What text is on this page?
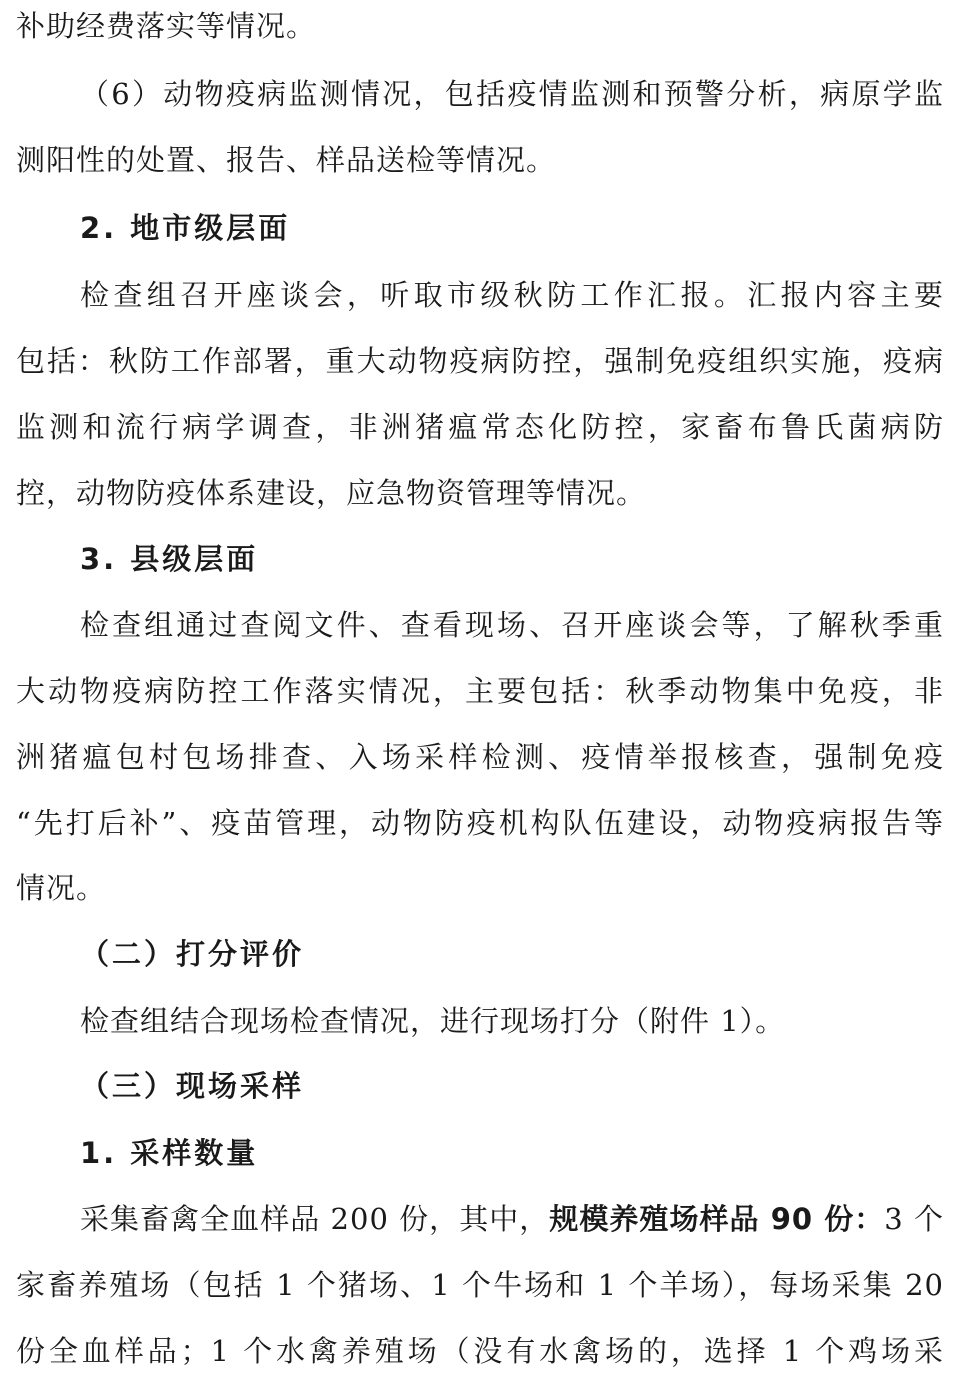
补助经费落实等情况。
（6）动物疫病监测情况，包括疫情监测和预警分析，病原学监
测阳性的处置、报告、样品送检等情况。
2. 地市级层面
检查组召开座谈会，听取市级秋防工作汇报。汇报内容主要
包括：秋防工作部署，重大动物疫病防控，强制免疫组织实施，疫病
监测和流行病学调查，非洲猪瘟常态化防控，家畜布鲁氏菌病防
控，动物防疫体系建设，应急物资管理等情况。
3. 县级层面
检查组通过查阅文件、查看现场、召开座谈会等，了解秋季重
大动物疫病防控工作落实情况，主要包括：秋季动物集中免疫，非
洲猪瘟包村包场排查、入场采样检测、疫情举报核查，强制免疫
“先打后补”、疫苗管理，动物防疫机构队伍建设，动物疫病报告等
情况。
（二）打分评价
检查组结合现场检查情况，进行现场打分（附件 1）。
（三）现场采样
1. 采样数量
采集畜禽全血样品 200 份，其中，规模养殖场样品 90 份：3 个
家畜养殖场（包括 1 个猪场、1 个牛场和 1 个羊场），每场采集 20
份全血样品；1 个水禽养殖场（没有水禽场的，选择 1 个鸡场采
